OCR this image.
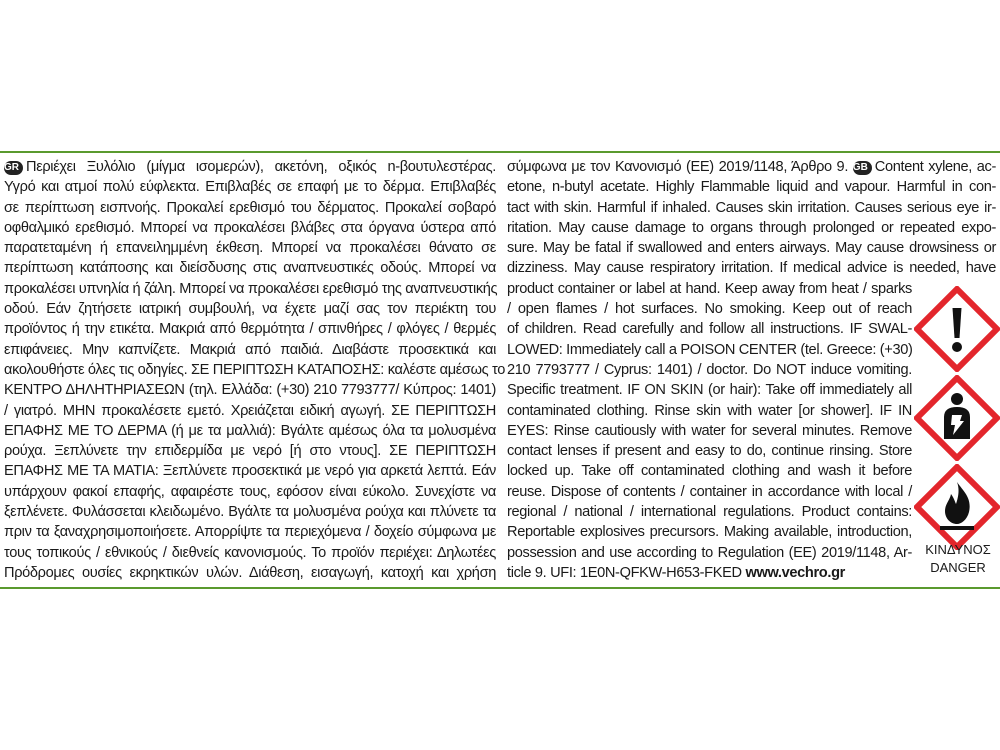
GR Περιέχει Ξυλόλιο (μίγμα ισομερών), ακετόνη, οξικός n-βουτυλεστέρας.
Υγρό και ατμοί πολύ εύφλεκτα. Επιβλαβές σε επαφή με το δέρμα. Επιβλαβές
σε περίπτωση εισπνοής. Προκαλεί ερεθισμό του δέρματος. Προκαλεί σοβαρό
οφθαλμικό ερεθισμό. Μπορεί να προκαλέσει βλάβες στα όργανα ύστερα από
παρατεταμένη ή επανειλημμένη έκθεση. Μπορεί να προκαλέσει θάνατο σε
περίπτωση κατάποσης και διείσδυσης στις αναπνευστικές οδούς. Μπορεί να
προκαλέσει υπνηλία ή ζάλη. Μπορεί να προκαλέσει ερεθισμό της αναπνευστικής
οδού. Εάν ζητήσετε ιατρική συμβουλή, να έχετε μαζί σας τον περιέκτη του
προϊόντος ή την ετικέτα. Μακριά από θερμότητα / σπινθήρες / φλόγες / θερμές
επιφάνειες. Μην καπνίζετε. Μακριά από παιδιά. Διαβάστε προσεκτικά και
ακολουθήστε όλες τις οδηγίες. ΣΕ ΠΕΡΙΠΤΩΣΗ ΚΑΤΑΠΟΣΗΣ: καλέστε αμέσως το
ΚΕΝΤΡΟ ΔΗΛΗΤΗΡΙΑΣΕΩΝ (τηλ. Ελλάδα: (+30) 210 7793777/ Κύπρος: 1401)
/ γιατρό. ΜΗΝ προκαλέσετε εμετό. Χρειάζεται ειδική αγωγή. ΣΕ ΠΕΡΙΠΤΩΣΗ
ΕΠΑΦΗΣ ΜΕ ΤΟ ΔΕΡΜΑ (ή με τα μαλλιά): Βγάλτε αμέσως όλα τα μολυσμένα
ρούχα. Ξεπλύνετε την επιδερμίδα με νερό [ή στο ντους]. ΣΕ ΠΕΡΙΠΤΩΣΗ
ΕΠΑΦΗΣ ΜΕ ΤΑ ΜΑΤΙΑ: Ξεπλύνετε προσεκτικά με νερό για αρκετά λεπτά. Εάν
υπάρχουν φακοί επαφής, αφαιρέστε τους, εφόσον είναι εύκολο. Συνεχίστε να
ξεπλένετε. Φυλάσσεται κλειδωμένο. Βγάλτε τα μολυσμένα ρούχα και πλύνετε τα
πριν τα ξαναχρησιμοποιήσετε. Απορρίψτε τα περιεχόμενα / δοχείο σύμφωνα με
τους τοπικούς / εθνικούς / διεθνείς κανονισμούς. Το προϊόν περιέχει: Δηλωτέες
Πρόδρομες ουσίες εκρηκτικών υλών. Διάθεση, εισαγωγή, κατοχή και χρήση
σύμφωνα με τον Κανονισμό (ΕΕ) 2019/1148, Άρθρο 9. GB Content xylene, ac-
etone, n-butyl acetate. Highly Flammable liquid and vapour. Harmful in con-
tact with skin. Harmful if inhaled. Causes skin irritation. Causes serious eye ir-
ritation. May cause damage to organs through prolonged or repeated expo-
sure. May be fatal if swallowed and enters airways. May cause drowsiness or
dizziness. May cause respiratory irritation. If medical advice is needed, have
product container or label at hand. Keep away from heat / sparks
/ open flames / hot surfaces. No smoking. Keep out of reach
of children. Read carefully and follow all instructions. IF SWAL-
LOWED: Immediately call a POISON CENTER (tel. Greece: (+30)
210 7793777 / Cyprus: 1401) / doctor. Do NOT induce vomiting.
Specific treatment. IF ON SKIN (or hair): Take off immediately all
contaminated clothing. Rinse skin with water [or shower]. IF IN
EYES: Rinse cautiously with water for several minutes. Remove
contact lenses if present and easy to do, continue rinsing. Store
locked up. Take off contaminated clothing and wash it before
reuse. Dispose of contents / container in accordance with local /
regional / national / international regulations. Product contains:
Reportable explosives precursors. Making available, introduction,
possession and use according to Regulation (EE) 2019/1148, Ar-
ticle 9. UFI: 1E0N-QFKW-H653-FKED www.vechro.gr
ΚΙΝΔΥΝΟΣ
DANGER
